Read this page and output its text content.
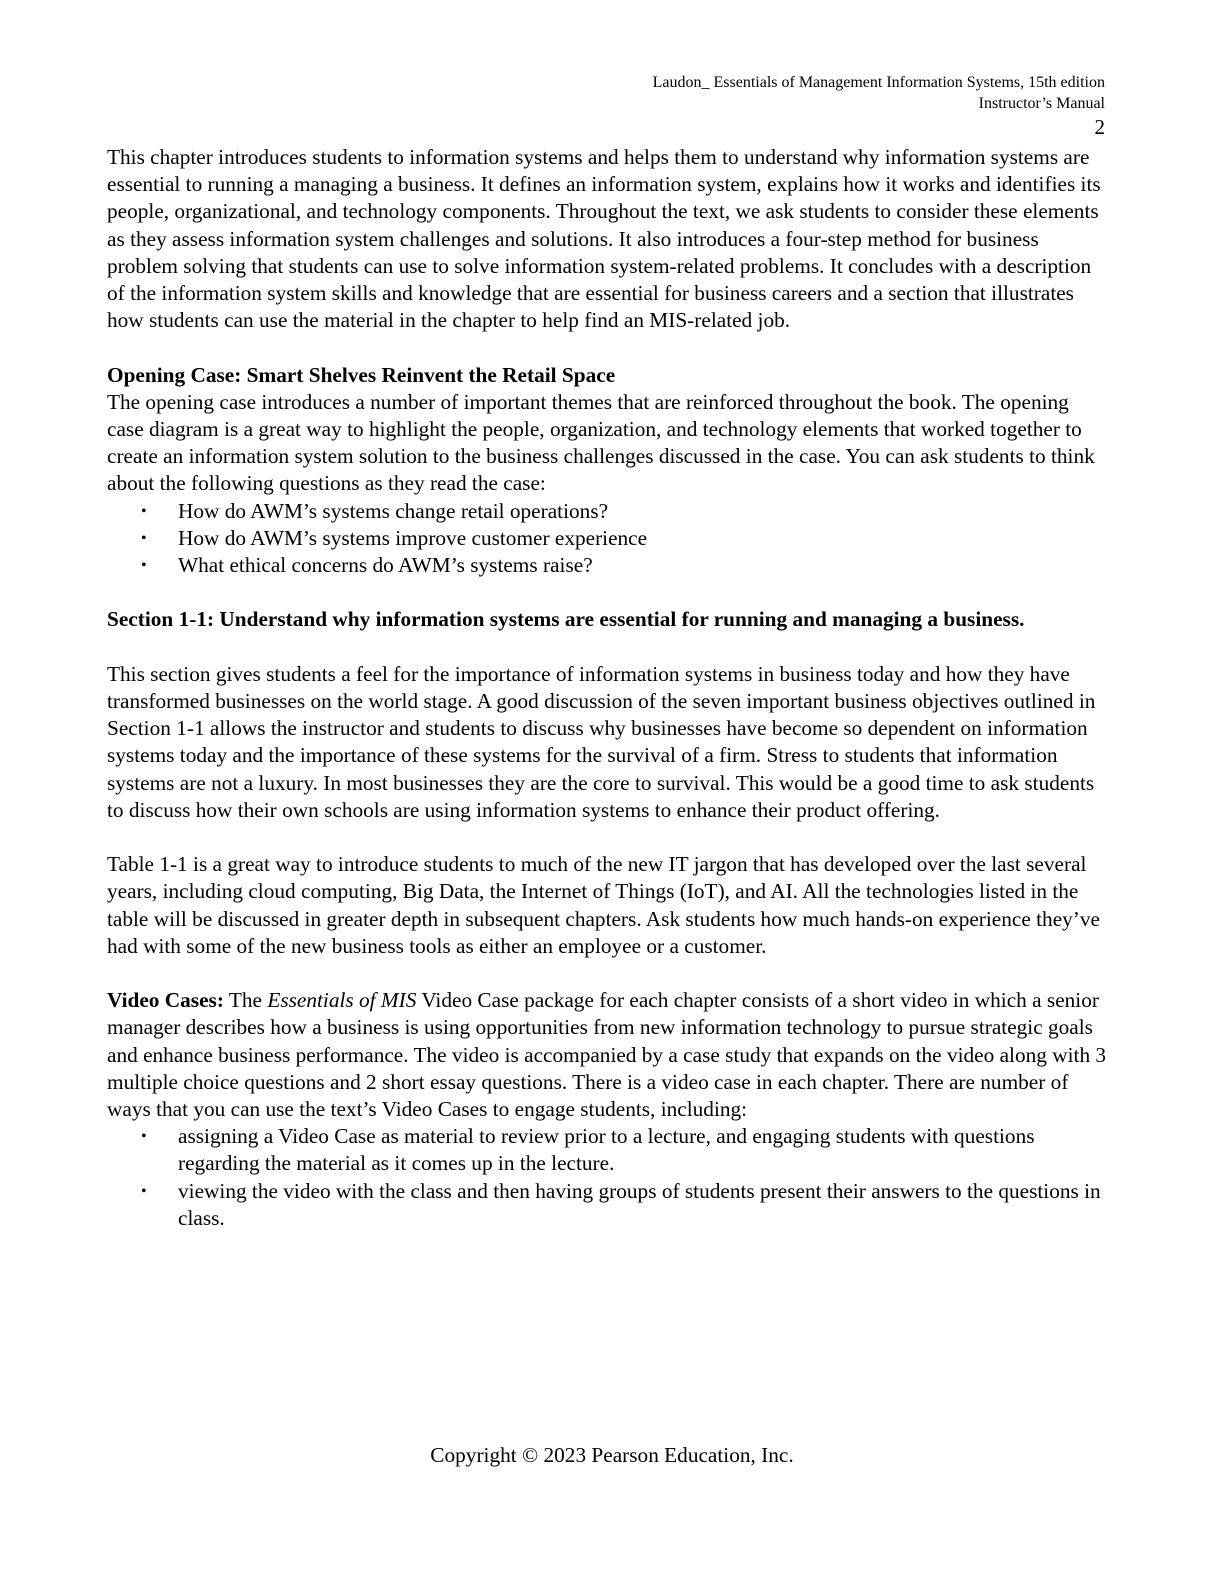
Laudon_ Essentials of Management Information Systems, 15th edition
Instructor’s Manual
2

This chapter introduces students to information systems and helps them to understand why information systems are essential to running a managing a business. It defines an information system, explains how it works and identifies its people, organizational, and technology components. Throughout the text, we ask students to consider these elements as they assess information system challenges and solutions. It also introduces a four-step method for business problem solving that students can use to solve information system-related problems. It concludes with a description of the information system skills and knowledge that are essential for business careers and a section that illustrates how students can use the material in the chapter to help find an MIS-related job.

Opening Case: Smart Shelves Reinvent the Retail Space

The opening case introduces a number of important themes that are reinforced throughout the book. The opening case diagram is a great way to highlight the people, organization, and technology elements that worked together to create an information system solution to the business challenges discussed in the case. You can ask students to think about the following questions as they read the case:

• How do AWM’s systems change retail operations?
• How do AWM’s systems improve customer experience
• What ethical concerns do AWM’s systems raise?

Section 1-1: Understand why information systems are essential for running and managing a business.

This section gives students a feel for the importance of information systems in business today and how they have transformed businesses on the world stage. A good discussion of the seven important business objectives outlined in Section 1-1 allows the instructor and students to discuss why businesses have become so dependent on information systems today and the importance of these systems for the survival of a firm. Stress to students that information systems are not a luxury. In most businesses they are the core to survival. This would be a good time to ask students to discuss how their own schools are using information systems to enhance their product offering.

Table 1-1 is a great way to introduce students to much of the new IT jargon that has developed over the last several years, including cloud computing, Big Data, the Internet of Things (IoT), and AI. All the technologies listed in the table will be discussed in greater depth in subsequent chapters. Ask students how much hands-on experience they’ve had with some of the new business tools as either an employee or a customer.

Video Cases: The Essentials of MIS Video Case package for each chapter consists of a short video in which a senior manager describes how a business is using opportunities from new information technology to pursue strategic goals and enhance business performance. The video is accompanied by a case study that expands on the video along with 3 multiple choice questions and 2 short essay questions. There is a video case in each chapter. There are number of ways that you can use the text’s Video Cases to engage students, including:

• assigning a Video Case as material to review prior to a lecture, and engaging students with questions regarding the material as it comes up in the lecture.
• viewing the video with the class and then having groups of students present their answers to the questions in class.
Copyright © 2023 Pearson Education, Inc.
